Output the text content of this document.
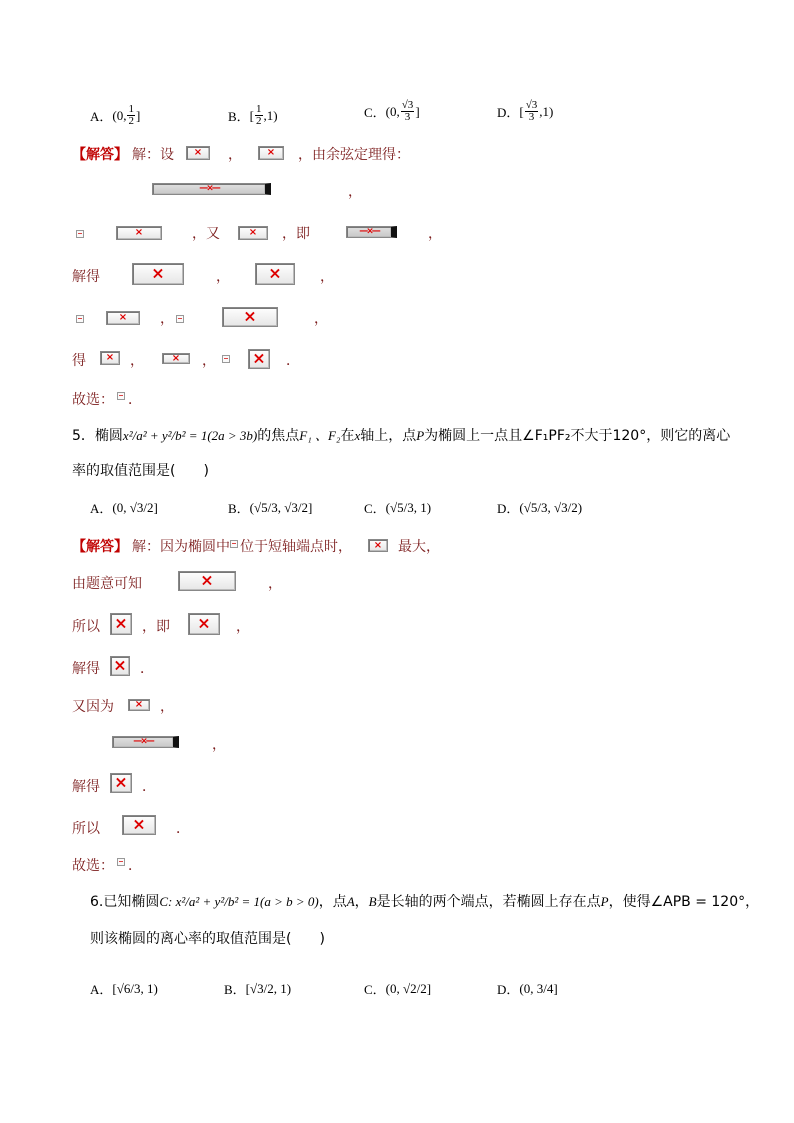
A． (0, $\frac{1}{2}$ ]	B． [ $\frac{1}{2} ,1$)	C． (0, $\frac{√3}{3}$ ]	D． [ $\frac{√3}{3} ,1$)
【解答】 解：设 ×	， ×	，由余弦定理得：
—×—
，
×
，又 ×	，即 —×—	，
解得 ×	， ×	，
×
， ×	，
得 ×	， ×	， ×	．
故选： ．
5．椭圆x²/a² + y²/b² = 1(2a > 3b)的焦点F₁ 、F₂在x轴上，点P为椭圆上一点且∠F₁PF₂不大于120°，则它的离心
率的取值范围是(　　)
A． (0, √3/2]	B． (√5/3, √3/2]	C． (√5/3, 1)	D． (√5/3, √3/2)
【解答】 解：因为椭圆中 位于短轴端点时， ×	最大，
由题意可知 ×	，
所以 ×	，即 ×	，
解得 ×	．
又因为 ×	，
—×—
，
解得 ×	．
所以 ×	．
故选： ．
6.已知椭圆C: x²/a² + y²/b² = 1(a > b > 0)，点A，B是长轴的两个端点，若椭圆上存在点P，使得∠APB = 120°，
则该椭圆的离心率的取值范围是(　　)
A． [√6/3, 1)	B． [√3/2, 1)	C． (0, √2/2]	D． (0, 3/4]
